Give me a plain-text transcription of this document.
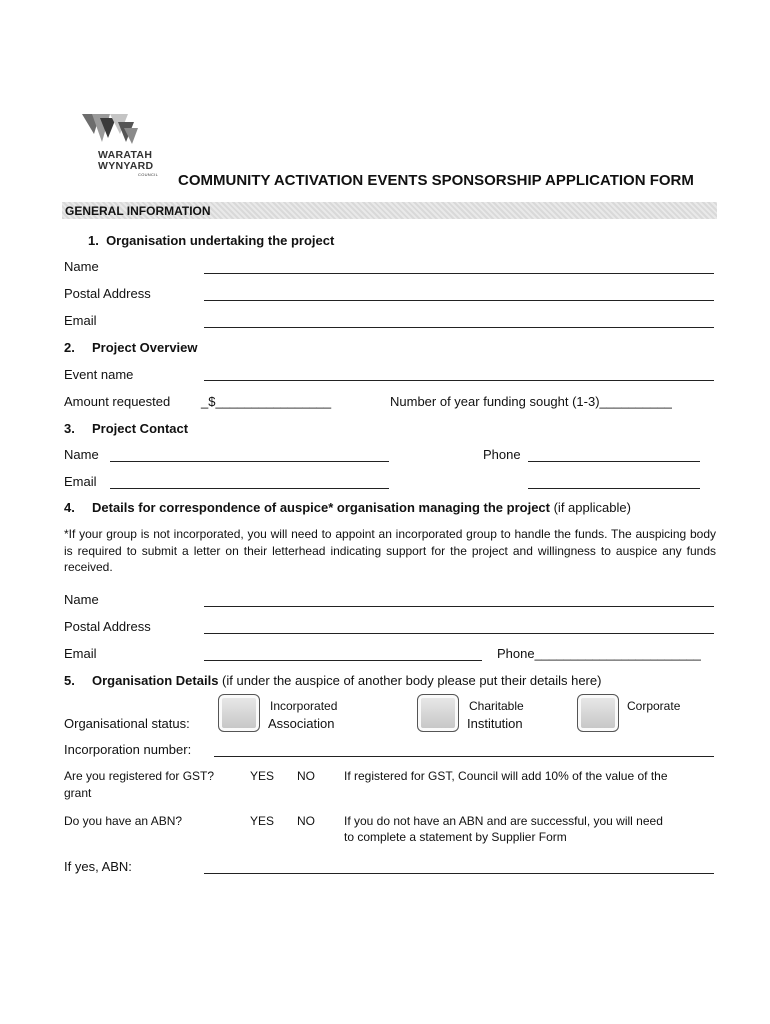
WARATAH
WYNYARD
COUNCIL COMMUNITY ACTIVATION EVENTS SPONSORSHIP APPLICATION FORM
GENERAL INFORMATION
1.  Organisation undertaking the project
Name
Postal Address
Email
2. Project Overview
Event name
Amount requested _$________________	Number of year funding sought (1-3)__________
3. Project Contact
Name	Phone
Email
4. Details for correspondence of auspice* organisation managing the project (if applicable)
*If your group is not incorporated, you will need to appoint an incorporated group to handle the funds. The auspicing body is required to submit a letter on their letterhead indicating support for the project and willingness to auspice any funds received.
Name
Postal Address
Email	Phone_______________________
5. Organisation Details (if under the auspice of another body please put their details here)
Organisational status:
Incorporated
Association
Charitable
Institution
Corporate
Incorporation number:
Are you registered for GST?
grant
YES NO If registered for GST, Council will add 10% of the value of the
Do you have an ABN?	YES NO If you do not have an ABN and are successful, you will need
to complete a statement by Supplier Form
If yes, ABN:
